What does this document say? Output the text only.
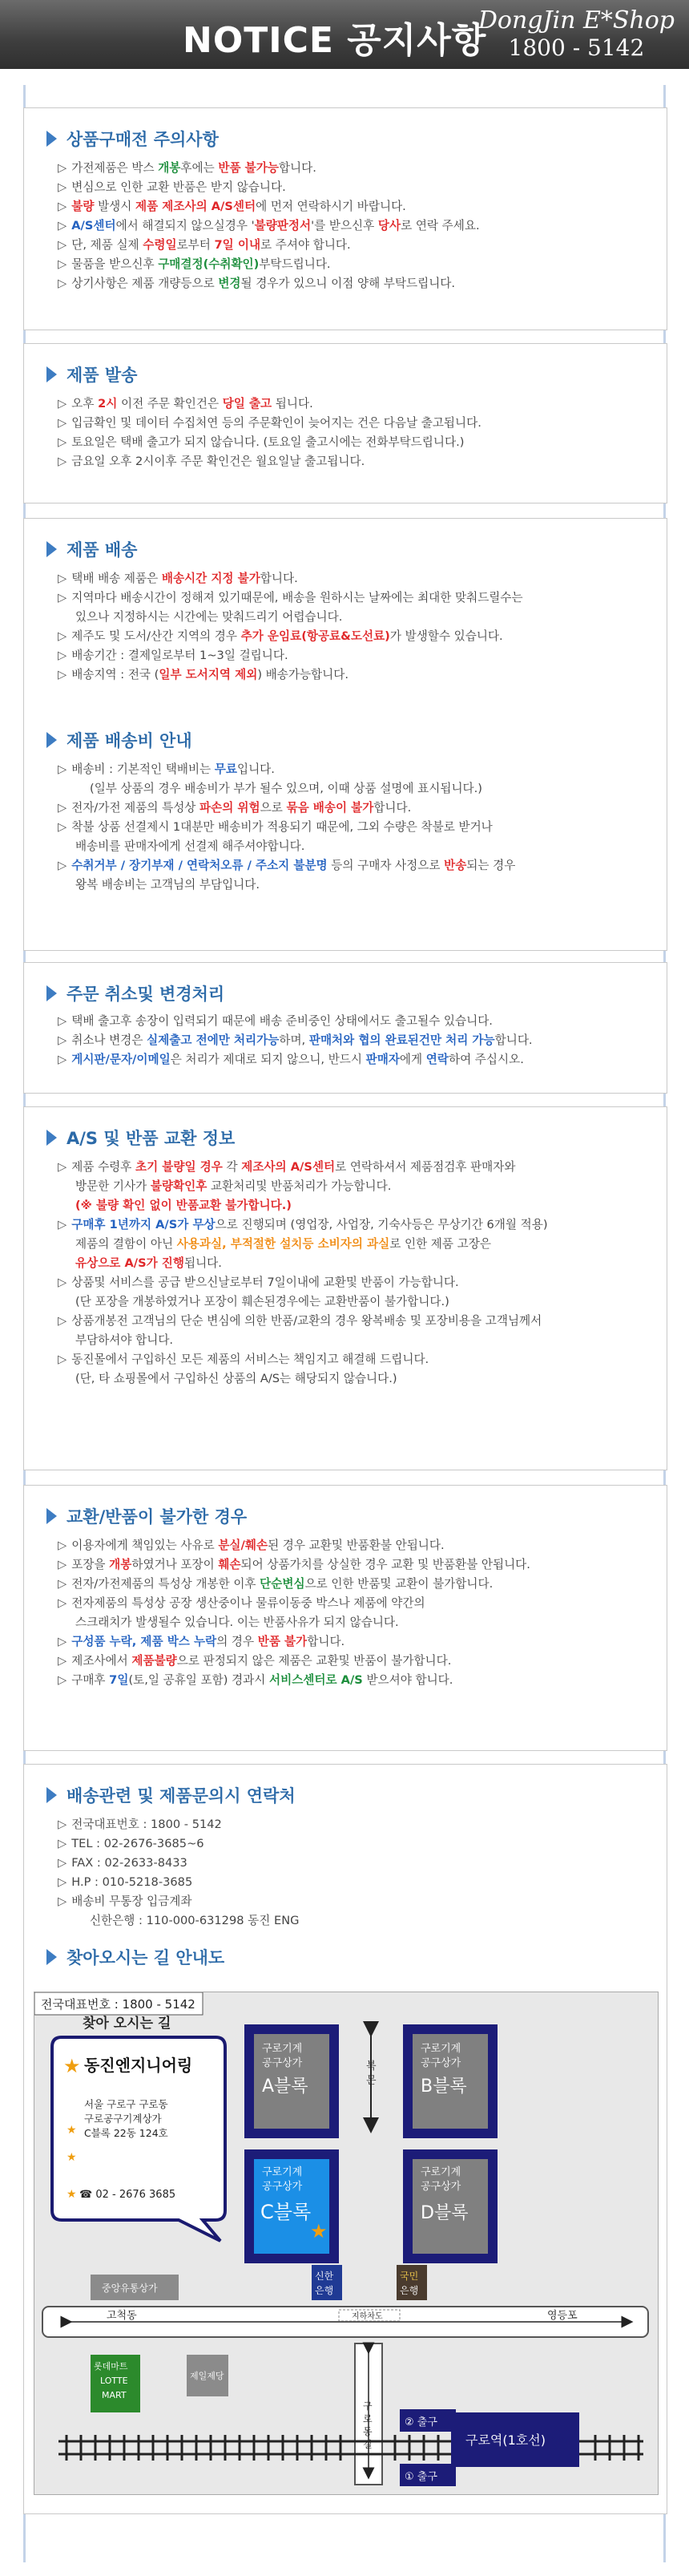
NOTICE 공지사항
DongJin E*Shop
1800 - 5142
상품구매전 주의사항
제품 발송
제품 배송
제품 배송비 안내
주문 취소및 변경처리
A/S 및 반품 교환 정보
교환/반품이 불가한 경우
배송관련 및 제품문의시 연락처
찾아오시는 길 안내도
▷ 가전제품은 박스 개봉후에는 반품 불가능합니다.
▷ 변심으로 인한 교환 반품은 받지 않습니다.
▷ 불량 발생시 제품 제조사의 A/S센터에 먼저 연락하시기 바랍니다.
▷ A/S센터에서 해결되지 않으실경우 '불량판정서'를 받으신후 당사로 연락 주세요.
▷ 단, 제품 실제 수령일로부터 7일 이내로 주셔야 합니다.
▷ 물품을 받으신후 구매결정(수취확인)부탁드립니다.
▷ 상기사항은 제품 개량등으로 변경될 경우가 있으니 이점 양해 부탁드립니다.
▷ 오후 2시 이전 주문 확인건은 당일 출고 됩니다.
▷ 입금확인 및 데이터 수집처연 등의 주문확인이 늦어지는 건은 다음날 출고됩니다.
▷ 토요일은 택배 출고가 되지 않습니다. (토요일 출고시에는 전화부탁드립니다.)
▷ 금요일 오후 2시이후 주문 확인건은 월요일날 출고됩니다.
▷ 택배 배송 제품은 배송시간 지정 불가합니다.
▷ 지역마다 배송시간이 정해져 있기때문에, 배송을 원하시는 날짜에는 최대한 맞춰드릴수는
있으나 지정하시는 시간에는 맞춰드리기 어렵습니다.
▷ 제주도 및 도서/산간 지역의 경우 추가 운임료(항공료&도선료)가 발생할수 있습니다.
▷ 배송기간 : 결제일로부터 1~3일 걸립니다.
▷ 배송지역 : 전국 (일부 도서지역 제외) 배송가능합니다.
▷ 배송비 : 기본적인 택배비는 무료입니다.
(일부 상품의 경우 배송비가 부가 될수 있으며, 이때 상품 설명에 표시됩니다.)
▷ 전자/가전 제품의 특성상 파손의 위험으로 묶음 배송이 불가합니다.
▷ 착불 상품 선결제시 1대분만 배송비가 적용되기 때문에, 그외 수량은 착불로 받거나
배송비를 판매자에게 선결제 해주셔야합니다.
▷ 수취거부 / 장기부재 / 연락처오류 / 주소지 불분명 등의 구매자 사정으로 반송되는 경우
왕복 배송비는 고객님의 부담입니다.
▷ 택배 출고후 송장이 입력되기 때문에 배송 준비중인 상태에서도 출고될수 있습니다.
▷ 취소나 변경은 실제출고 전에만 처리가능하며, 판매처와 협의 완료된건만 처리 가능합니다.
▷ 게시판/문자/이메일은 처리가 제대로 되지 않으니, 반드시 판매자에게 연락하여 주십시오.
▷ 제품 수령후 초기 불량일 경우 각 제조사의 A/S센터로 연락하셔서 제품점검후 판매자와
방문한 기사가 불량확인후 교환처리및 반품처리가 가능합니다.
(※ 불량 확인 없이 반품교환 불가합니다.)
▷ 구매후 1년까지 A/S가 무상으로 진행되며 (영업장, 사업장, 기숙사등은 무상기간 6개월 적용)
제품의 결함이 아닌 사용과실, 부적절한 설치등 소비자의 과실로 인한 제품 고장은
유상으로 A/S가 진행됩니다.
▷ 상품및 서비스를 공급 받으신날로부터 7일이내에 교환및 반품이 가능합니다.
(단 포장을 개봉하였거나 포장이 훼손된경우에는 교환반품이 불가합니다.)
▷ 상품개봉전 고객님의 단순 변심에 의한 반품/교환의 경우 왕복배송 및 포장비용을 고객님께서
부담하셔야 합니다.
▷ 동진몰에서 구입하신 모든 제품의 서비스는 책임지고 해결해 드립니다.
(단, 타 쇼핑몰에서 구입하신 상품의 A/S는 해당되지 않습니다.)
▷ 이용자에게 책임있는 사유로 분실/훼손된 경우 교환및 반품환불 안됩니다.
▷ 포장을 개봉하였거나 포장이 훼손되어 상품가치를 상실한 경우 교환 및 반품환불 안됩니다.
▷ 전자/가전제품의 특성상 개봉한 이후 단순변심으로 인한 반품및 교환이 불가합니다.
▷ 전자제품의 특성상 공장 생산중이나 물류이동중 박스나 제품에 약간의
스크래치가 발생될수 있습니다. 이는 반품사유가 되지 않습니다.
▷ 구성품 누락, 제품 박스 누락의 경우 반품 불가합니다.
▷ 제조사에서 제품불량으로 판정되지 않은 제품은 교환및 반품이 불가합니다.
▷ 구매후 7일(토,일 공휴일 포함) 경과시 서비스센터로 A/S 받으셔야 합니다.
▷ 전국대표번호 : 1800 - 5142
▷ TEL : 02-2676-3685~6
▷ FAX : 02-2633-8433
▷ H.P : 010-5218-3685
▷ 배송비 무통장 입금계좌
신한은행 : 110-000-631298 동진 ENG
전국대표번호 : 1800 - 5142
찾아 오시는 길
★ 동진엔지니어링
★
★
★
서울 구로구 구로동
구로공구기계상가
C블록 22동 124호
☎ 02 - 2676 3685
구로기계
공구상가
A블록
구로기계
공구상가
B블록
구로기계
공구상가
C블록
★
구로기계
공구상가
D블록
북
문
중앙유통상가
신한
은행
국민
은행
고척동	영등포
지하차도
롯데마트
LOTTE
MART
제일제당
구
로
동
길
② 출구
① 출구
구로역(1호선)
